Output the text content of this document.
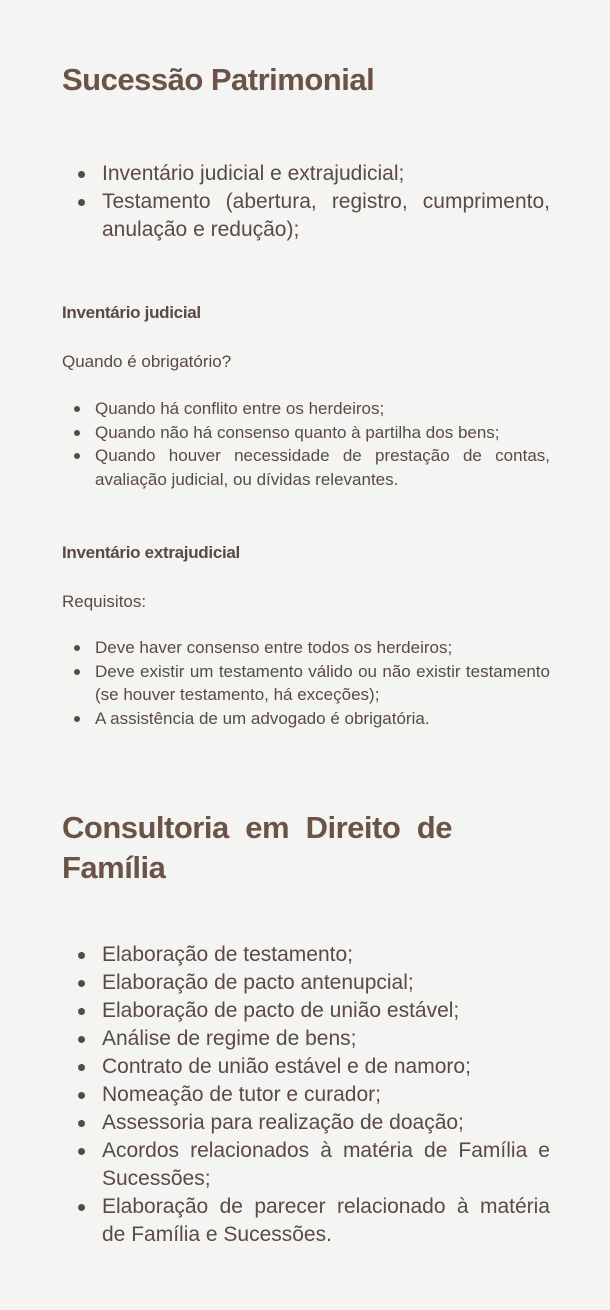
Sucessão Patrimonial
Inventário judicial e extrajudicial;
Testamento (abertura, registro, cumprimento, anulação e redução);
Inventário judicial
Quando é obrigatório?
Quando há conflito entre os herdeiros;
Quando não há consenso quanto à partilha dos bens;
Quando houver necessidade de prestação de contas, avaliação judicial, ou dívidas relevantes.
Inventário extrajudicial
Requisitos:
Deve haver consenso entre todos os herdeiros;
Deve existir um testamento válido ou não existir testamento (se houver testamento, há exceções);
A assistência de um advogado é obrigatória.
Consultoria em Direito de Família
Elaboração de testamento;
Elaboração de pacto antenupcial;
Elaboração de pacto de união estável;
Análise de regime de bens;
Contrato de união estável e de namoro;
Nomeação de tutor e curador;
Assessoria para realização de doação;
Acordos relacionados à matéria de Família e Sucessões;
Elaboração de parecer relacionado à matéria de Família e Sucessões.
